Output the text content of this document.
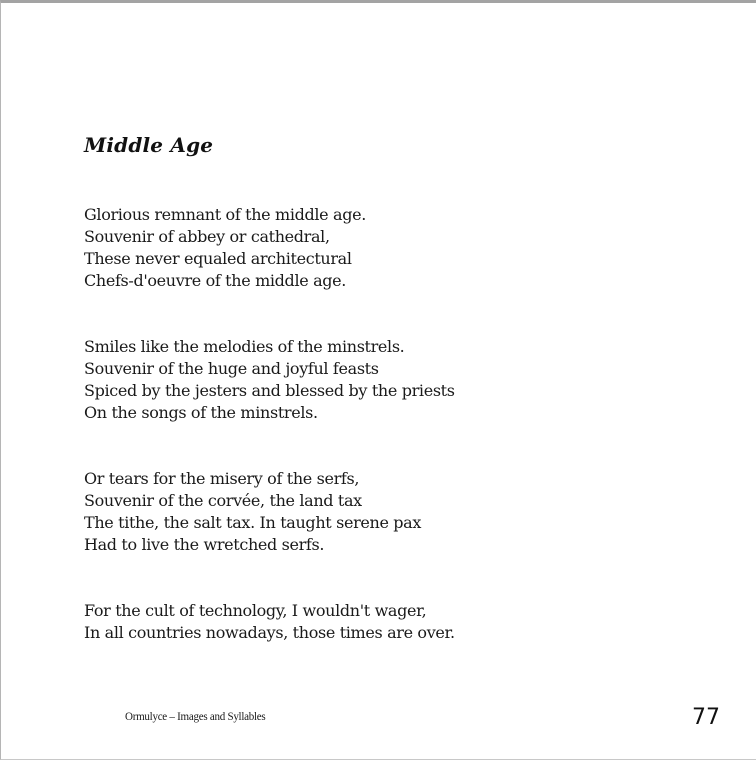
Middle Age

Glorious remnant of the middle age.
Souvenir of abbey or cathedral,
These never equaled architectural
Chefs-d'oeuvre of the middle age.

Smiles like the melodies of the minstrels.
Souvenir of the huge and joyful feasts
Spiced by the jesters and blessed by the priests
On the songs of the minstrels.

Or tears for the misery of the serfs,
Souvenir of the corvée, the land tax
The tithe, the salt tax. In taught serene pax
Had to live the wretched serfs.

For the cult of technology, I wouldn't wager,
In all countries nowadays, those times are over.

Ormulyce – Images and Syllables	77
